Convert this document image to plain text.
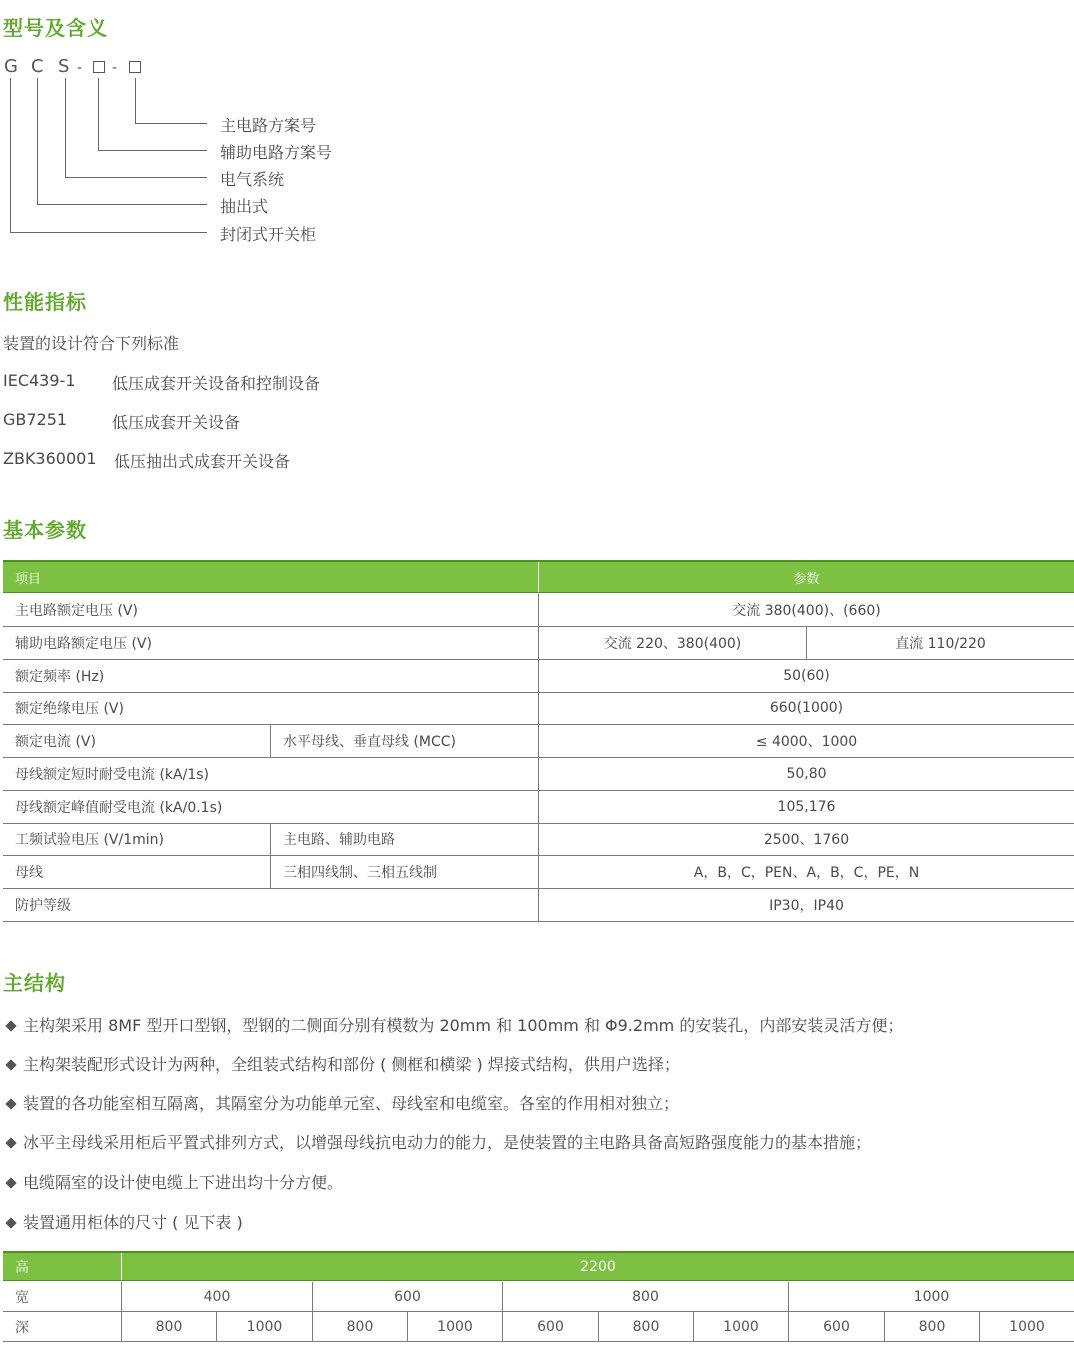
型号及含义
G C S - -
主电路方案号
辅助电路方案号
电气系统
抽出式
封闭式开关柜
性能指标
装置的设计符合下列标准
IEC439-1 低压成套开关设备和控制设备
GB7251	低压成套开关设备
ZBK360001 低压抽出式成套开关设备
基本参数
项目	参数
主电路额定电压 (V)	交流 380(400)、(660)
辅助电路额定电压 (V)	交流 220、380(400)	直流 110/220
额定频率 (Hz)	50(60)
额定绝缘电压 (V)	660(1000)
额定电流 (V)	水平母线、垂直母线 (MCC)	≤ 4000、1000
母线额定短时耐受电流 (kA/1s)	50,80
母线额定峰值耐受电流 (kA/0.1s)	105,176
工频试验电压 (V/1min)	主电路、辅助电路	2500、1760
母线	三相四线制、三相五线制	A，B，C，PEN、A，B，C，PE，N
防护等级	IP30，IP40
主结构
主构架采用 8MF 型开口型钢，型钢的二侧面分别有模数为 20mm 和 100mm 和 Φ9.2mm 的安装孔，内部安装灵活方便；
主构架装配形式设计为两种，全组装式结构和部份 ( 侧框和横梁 ) 焊接式结构，供用户选择；
装置的各功能室相互隔离，其隔室分为功能单元室、母线室和电缆室。各室的作用相对独立；
冰平主母线采用柜后平置式排列方式，以增强母线抗电动力的能力，是使装置的主电路具备高短路强度能力的基本措施；
电缆隔室的设计使电缆上下进出均十分方便。
装置通用柜体的尺寸 ( 见下表 )
高	2200
宽	400	600	800	1000
深	800	1000	800	1000	600	800	1000	600	800	1000
